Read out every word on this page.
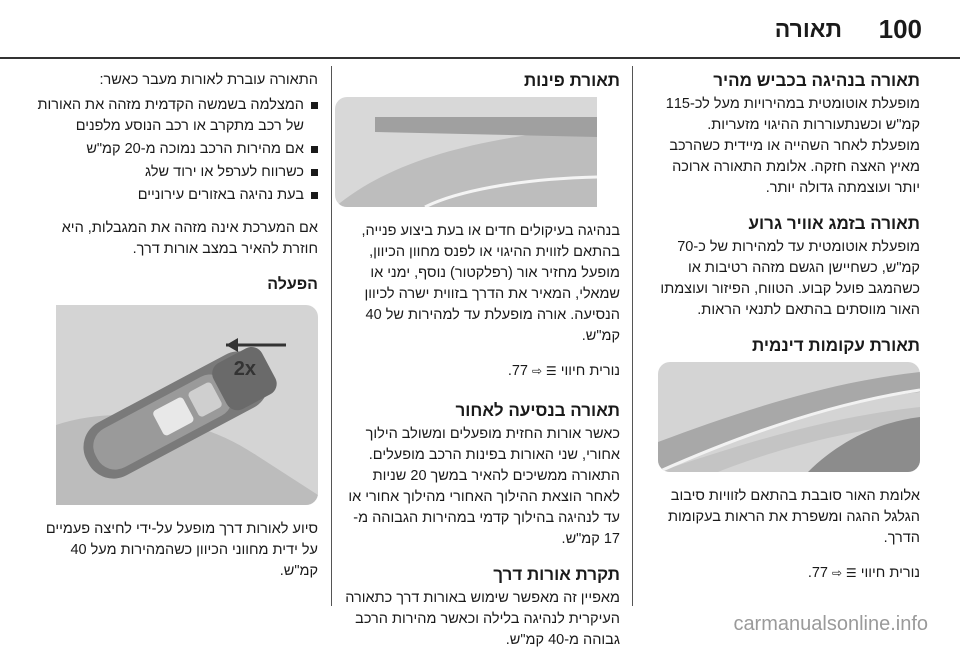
100
תאורה
תאורה בנהיגה בכביש מהיר
מופעלת אוטומטית במהירויות מעל לכ-115 קמ"ש וכשנתעוררות ההיגוי מזעריות. מופעלת לאחר השהייה או מיידית כשהרכב מאיץ האצה חזקה. אלומת התאורה ארוכה יותר ועוצמתה גדולה יותר.
תאורה בזמג אוויר גרוע
מופעלת אוטומטית עד למהירות של כ-70 קמ"ש, כשחיישן הגשם מזהה רטיבות או כשהמגב פועל קבוע. הטווח, הפיזור ועוצמתו האור מווסתים בהתאם לתנאי הראות.
תאורת עקומות דינמית
אלומת האור סובבת בהתאם לזוויות סיבוב הגלגל ההגה ומשפרת את הראות בעקומות הדרך.
נורית חיווי ☰ ⇨ 77.
תאורת פינות
בנהיגה בעיקולים חדים או בעת ביצוע פנייה, בהתאם לזווית ההיגוי או לפנס מחוון הכיוון, מופעל מחזיר אור (רפלקטור) נוסף, ימני או שמאלי, המאיר את הדרך בזווית ישרה לכיוון הנסיעה. אורה מופעלת עד למהירות של 40 קמ"ש.
נורית חיווי ☰ ⇨ 77.
תאורה בנסיעה לאחור
כאשר אורות החזית מופעלים ומשולב הילוך אחורי, שני האורות בפינות הרכב מופעלים. התאורה ממשיכים להאיר במשך 20 שניות לאחר הוצאת ההילוך האחורי מהילוך אחורי או עד לנהיגה בהילוך קדמי במהירות הגבוהה מ- 17 קמ"ש.
תקרת אורות דרך
מאפיין זה מאפשר שימוש באורות דרך כתאורה העיקרית לנהיגה בלילה וכאשר מהירות הרכב גבוהה מ-40 קמ"ש.
התאורה עוברת לאורות מעבר כאשר:
המצלמה בשמשה הקדמית מזהה את האורות של רכב מתקרב או רכב הנוסע מלפנים
אם מהירות הרכב נמוכה מ-20 קמ"ש
כשרווח לערפל או ירוד שלג
בעת נהיגה באזורים עירוניים
אם המערכת אינה מזהה את המגבלות, היא חוזרת להאיר במצב אורות דרך.
הפעלה
2x
סיוע לאורות דרך מופעל על-ידי לחיצה פעמיים על ידית מחווני הכיוון כשהמהירות מעל 40 קמ"ש.
carmanualsonline.info
